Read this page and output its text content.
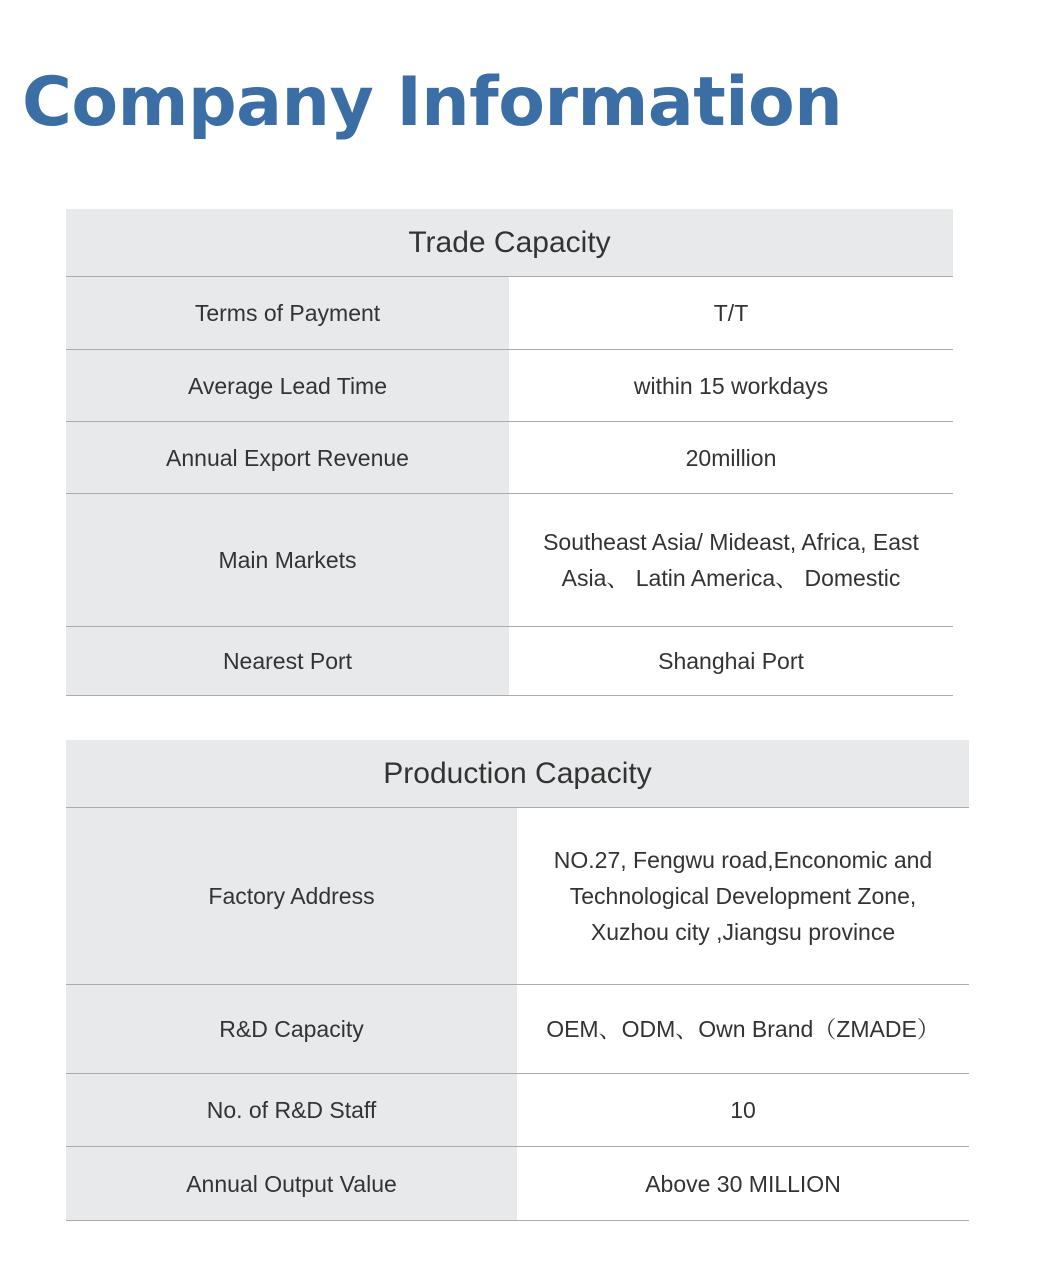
Company Information
Trade Capacity	
Terms of Payment	T/T
Average Lead Time	within 15 workdays
Annual Export Revenue	20million
Main Markets	Southeast Asia/ Mideast, Africa, East Asia、 Latin America、 Domestic
Nearest Port	Shanghai Port
Production Capacity	
Factory Address	NO.27, Fengwu road,Enconomic and Technological Development Zone, Xuzhou city ,Jiangsu province
R&D Capacity	OEM、ODM、Own Brand（ZMADE）
No. of R&D Staff	10
Annual Output Value	Above 30 MILLION
